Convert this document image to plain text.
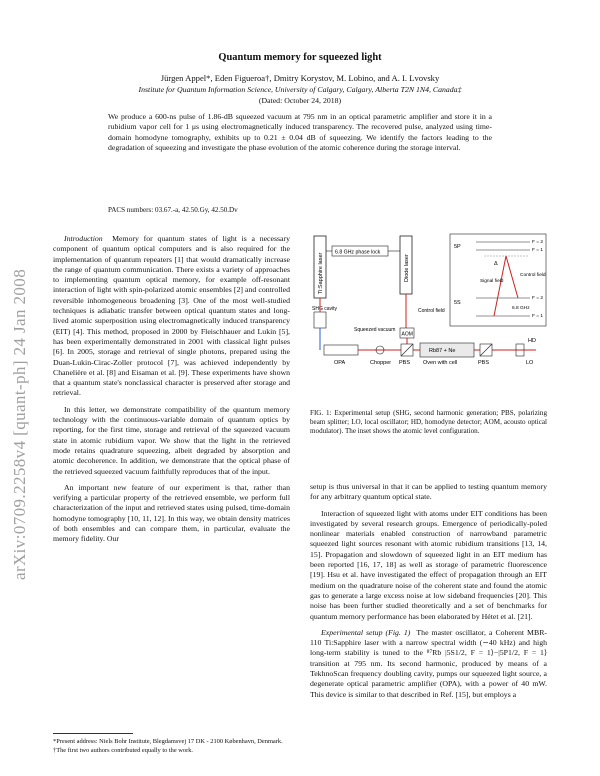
arXiv:0709.2258v4 [quant-ph] 24 Jan 2008
Quantum memory for squeezed light
Jürgen Appel*, Eden Figueroa†, Dmitry Korystov, M. Lobino, and A. I. Lvovsky
Institute for Quantum Information Science, University of Calgary, Calgary, Alberta T2N 1N4, Canada‡
(Dated: October 24, 2018)
We produce a 600-ns pulse of 1.86-dB squeezed vacuum at 795 nm in an optical parametric amplifier and store it in a rubidium vapor cell for 1 μs using electromagnetically induced transparency. The recovered pulse, analyzed using time-domain homodyne tomography, exhibits up to 0.21 ± 0.04 dB of squeezing. We identify the factors leading to the degradation of squeezing and investigate the phase evolution of the atomic coherence during the storage interval.
PACS numbers: 03.67.-a, 42.50.Gy, 42.50.Dv

Introduction Memory for quantum states of light is a necessary component of quantum optical computers and is also required for the implementation of quantum repeaters [1] that would dramatically increase the range of quantum communication. There exists a variety of approaches to implementing quantum optical memory, for example off-resonant interaction of light with spin-polarized atomic ensembles [2] and controlled reversible inhomogeneous broadening [3]. One of the most well-studied techniques is adiabatic transfer between optical quantum states and long-lived atomic superposition using electromagnetically induced transparency (EIT) [4]. This method, proposed in 2000 by Fleischhauer and Lukin [5], has been experimentally demonstrated in 2001 with classical light pulses [6]. In 2005, storage and retrieval of single photons, prepared using the Duan-Lukin-Cirac-Zoller protocol [7], was achieved independently by Chanelière et al. [8] and Eisaman et al. [9]. These experiments have shown that a quantum state's nonclassical character is preserved after storage and retrieval.

In this letter, we demonstrate compatibility of the quantum memory technology with the continuous-variable domain of quantum optics by reporting, for the first time, storage and retrieval of the squeezed vacuum state in atomic rubidium vapor. We show that the light in the retrieved mode retains quadrature squeezing, albeit degraded by absorption and atomic decoherence. In addition, we demonstrate that the optical phase of the retrieved squeezed vacuum faithfully reproduces that of the input.

An important new feature of our experiment is that, rather than verifying a particular property of the retrieved ensemble, we perform full characterization of the input and retrieved states using pulsed, time-domain homodyne tomography [10, 11, 12]. In this way, we obtain density matrices of both ensembles and can compare them, in particular, evaluate the memory fidelity. Our

*Present address: Niels Bohr Institute, Blegdamsvej 17 DK - 2100 København, Denmark.

†The first two authors contributed equally to the work.

Ti:Sapphire laser
6.8 GHz phase lock
Diode laser
SHG cavity
OPA
Squeezed vacuum
Control field
AOM
Chopper PBS
Rb87 + Ne
Oven with cell	PBS
HD
LO
5P
5S
F = 2
F = 1
F = 2
F = 1
Δ
Signal field
Control field
6.8 GHz
FIG. 1: Experimental setup (SHG, second harmonic generation; PBS, polarizing beam splitter; LO, local oscillator; HD, homodyne detector; AOM, acousto optical modulator). The inset shows the atomic level configuration.

setup is thus universal in that it can be applied to testing quantum memory for any arbitrary quantum optical state.

Interaction of squeezed light with atoms under EIT conditions has been investigated by several research groups. Emergence of periodically-poled nonlinear materials enabled construction of narrowband parametric squeezed light sources resonant with atomic rubidium transitions [13, 14, 15]. Propagation and slowdown of squeezed light in an EIT medium has been reported [16, 17, 18] as well as storage of parametric fluorescence [19]. Hsu et al. have investigated the effect of propagation through an EIT medium on the quadrature noise of the coherent state and found the atomic gas to generate a large excess noise at low sideband frequencies [20]. This noise has been further studied theoretically and a set of benchmarks for quantum memory performance has been elaborated by Hétet et al. [21].

Experimental setup (Fig. 1) The master oscillator, a Coherent MBR-110 Ti:Sapphire laser with a narrow spectral width (∼40 kHz) and high long-term stability is tuned to the ⁸⁷Rb |5S1/2, F = 1⟩−|5P1/2, F = 1⟩ transition at 795 nm. Its second harmonic, produced by means of a TekhnoScan frequency doubling cavity, pumps our squeezed light source, a degenerate optical parametric amplifier (OPA), with a power of 40 mW. This device is similar to that described in Ref. [15], but employs a
